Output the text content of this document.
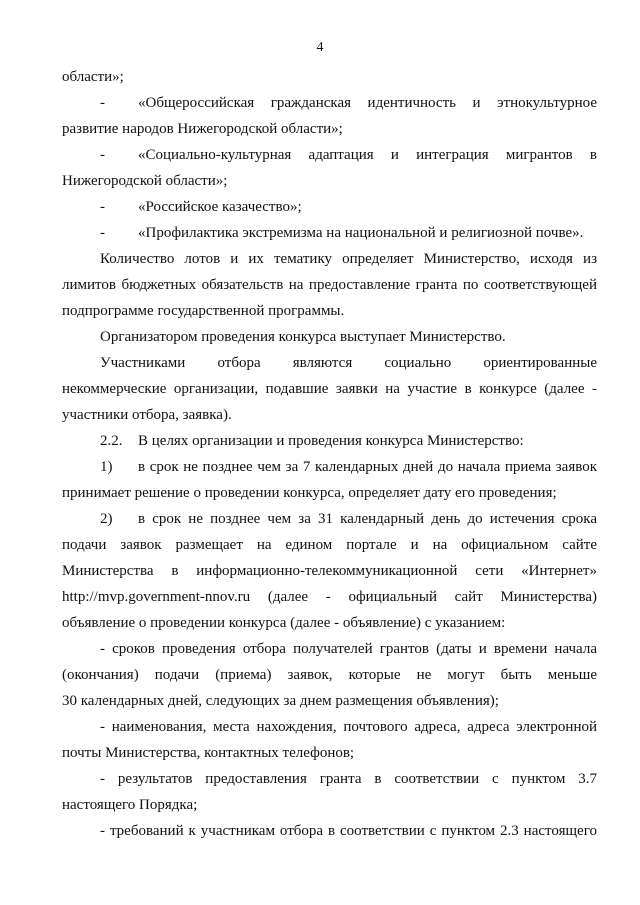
4

области»;

- «Общероссийская гражданская идентичность и этнокультурное

развитие народов Нижегородской области»;

- «Социально-культурная адаптация и интеграция мигрантов в

Нижегородской области»;

- «Российское казачество»;

- «Профилактика экстремизма на национальной и религиозной почве».

Количество лотов и их тематику определяет Министерство, исходя из

лимитов бюджетных обязательств на предоставление гранта по соответствующей

подпрограмме государственной программы.

Организатором проведения конкурса выступает Министерство.

Участниками отбора являются социально ориентированные

некоммерческие организации, подавшие заявки на участие в конкурсе (далее -

участники отбора, заявка).

2.2. В целях организации и проведения конкурса Министерство:

1) в срок не позднее чем за 7 календарных дней до начала приема заявок

принимает решение о проведении конкурса, определяет дату его проведения;

2) в срок не позднее чем за 31 календарный день до истечения срока

подачи заявок размещает на едином портале и на официальном сайте

Министерства в информационно-телекоммуникационной сети «Интернет»

http://mvp.government-nnov.ru (далее - официальный сайт Министерства)

объявление о проведении конкурса (далее - объявление) с указанием:

- сроков проведения отбора получателей грантов (даты и времени начала

(окончания) подачи (приема) заявок, которые не могут быть меньше

30 календарных дней, следующих за днем размещения объявления);

- наименования, места нахождения, почтового адреса, адреса электронной

почты Министерства, контактных телефонов;

- результатов предоставления гранта в соответствии с пунктом 3.7

настоящего Порядка;

- требований к участникам отбора в соответствии с пунктом 2.3 настоящего
